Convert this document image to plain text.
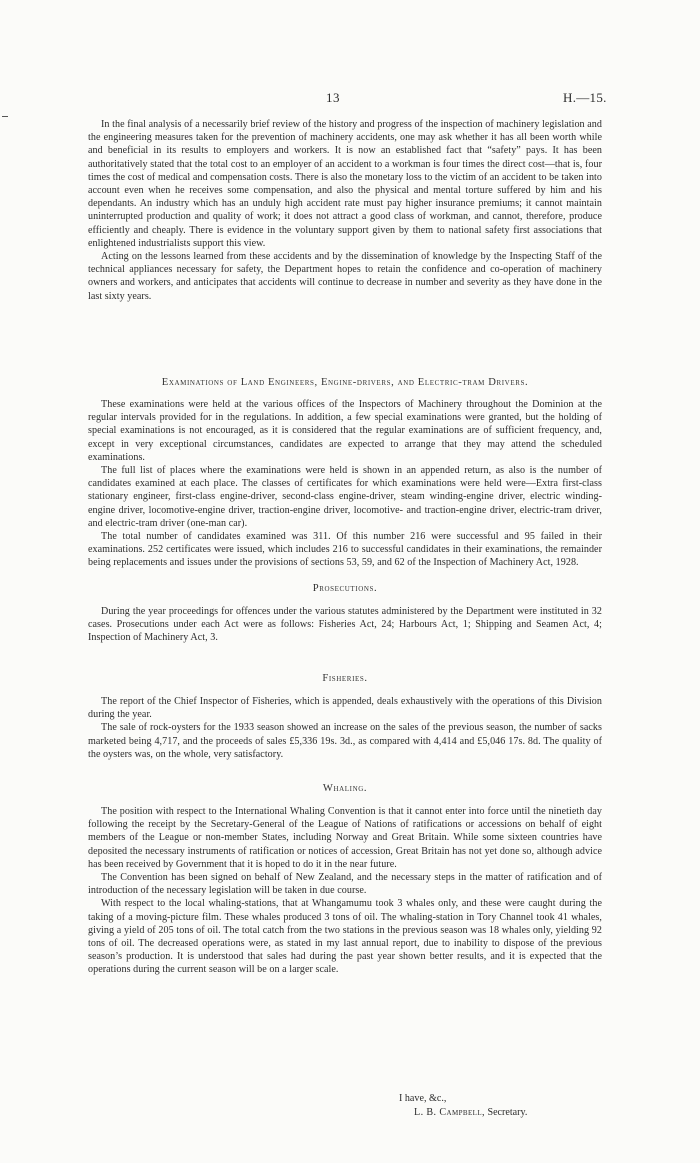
13	H.—15.

In the final analysis of a necessarily brief review of the history and progress of the inspection of machinery legislation and the engineering measures taken for the prevention of machinery accidents, one may ask whether it has all been worth while and beneficial in its results to employers and workers. It is now an established fact that “safety” pays. It has been authoritatively stated that the total cost to an employer of an accident to a workman is four times the direct cost—that is, four times the cost of medical and compensation costs. There is also the monetary loss to the victim of an accident to be taken into account even when he receives some compensation, and also the physical and mental torture suffered by him and his dependants. An industry which has an unduly high accident rate must pay higher insurance premiums; it cannot maintain uninterrupted production and quality of work; it does not attract a good class of workman, and cannot, therefore, produce efficiently and cheaply. There is evidence in the voluntary support given by them to national safety first associations that enlightened industrialists support this view.

Acting on the lessons learned from these accidents and by the dissemination of knowledge by the Inspecting Staff of the technical appliances necessary for safety, the Department hopes to retain the confidence and co-operation of machinery owners and workers, and anticipates that accidents will continue to decrease in number and severity as they have done in the last sixty years.

Examinations of Land Engineers, Engine-drivers, and Electric-tram Drivers.

These examinations were held at the various offices of the Inspectors of Machinery throughout the Dominion at the regular intervals provided for in the regulations. In addition, a few special examinations were granted, but the holding of special examinations is not encouraged, as it is considered that the regular examinations are of sufficient frequency, and, except in very exceptional circumstances, candidates are expected to arrange that they may attend the scheduled examinations.

The full list of places where the examinations were held is shown in an appended return, as also is the number of candidates examined at each place. The classes of certificates for which examinations were held were—Extra first-class stationary engineer, first-class engine-driver, second-class engine-driver, steam winding-engine driver, electric winding-engine driver, locomotive-engine driver, traction-engine driver, locomotive- and traction-engine driver, electric-tram driver, and electric-tram driver (one-man car).

The total number of candidates examined was 311. Of this number 216 were successful and 95 failed in their examinations. 252 certificates were issued, which includes 216 to successful candidates in their examinations, the remainder being replacements and issues under the provisions of sections 53, 59, and 62 of the Inspection of Machinery Act, 1928.

Prosecutions.

During the year proceedings for offences under the various statutes administered by the Department were instituted in 32 cases. Prosecutions under each Act were as follows: Fisheries Act, 24; Harbours Act, 1; Shipping and Seamen Act, 4; Inspection of Machinery Act, 3.

Fisheries.

The report of the Chief Inspector of Fisheries, which is appended, deals exhaustively with the operations of this Division during the year.

The sale of rock-oysters for the 1933 season showed an increase on the sales of the previous season, the number of sacks marketed being 4,717, and the proceeds of sales £5,336 19s. 3d., as compared with 4,414 and £5,046 17s. 8d. The quality of the oysters was, on the whole, very satisfactory.

Whaling.

The position with respect to the International Whaling Convention is that it cannot enter into force until the ninetieth day following the receipt by the Secretary-General of the League of Nations of ratifications or accessions on behalf of eight members of the League or non-member States, including Norway and Great Britain. While some sixteen countries have deposited the necessary instruments of ratification or notices of accession, Great Britain has not yet done so, although advice has been received by Government that it is hoped to do it in the near future.

The Convention has been signed on behalf of New Zealand, and the necessary steps in the matter of ratification and of introduction of the necessary legislation will be taken in due course.

With respect to the local whaling-stations, that at Whangamumu took 3 whales only, and these were caught during the taking of a moving-picture film. These whales produced 3 tons of oil. The whaling-station in Tory Channel took 41 whales, giving a yield of 205 tons of oil. The total catch from the two stations in the previous season was 18 whales only, yielding 92 tons of oil. The decreased operations were, as stated in my last annual report, due to inability to dispose of the previous season’s production. It is understood that sales had during the past year shown better results, and it is expected that the operations during the current season will be on a larger scale.

I have, &c.,
L. B. Campbell, Secretary.
